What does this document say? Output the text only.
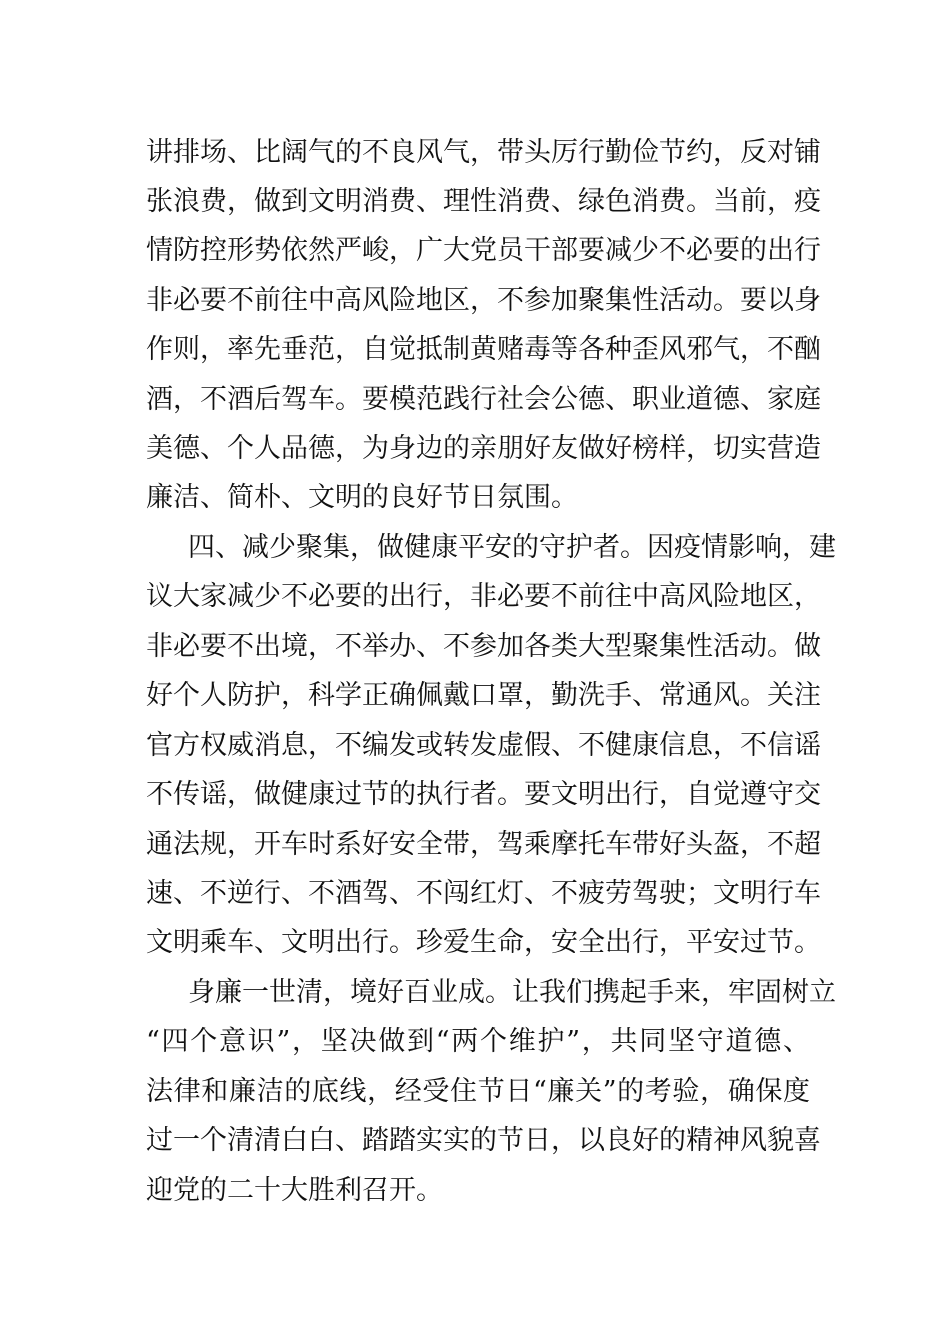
讲排场、比阔气的不良风气，带头厉行勤俭节约，反对铺
张浪费，做到文明消费、理性消费、绿色消费。当前，疫
情防控形势依然严峻，广大党员干部要减少不必要的出行
非必要不前往中高风险地区，不参加聚集性活动。要以身
作则，率先垂范，自觉抵制黄赌毒等各种歪风邪气，不酗
酒，不酒后驾车。要模范践行社会公德、职业道德、家庭
美德、个人品德，为身边的亲朋好友做好榜样，切实营造
廉洁、简朴、文明的良好节日氛围。
四、减少聚集，做健康平安的守护者。因疫情影响，建
议大家减少不必要的出行，非必要不前往中高风险地区，
非必要不出境，不举办、不参加各类大型聚集性活动。做
好个人防护，科学正确佩戴口罩，勤洗手、常通风。关注
官方权威消息，不编发或转发虚假、不健康信息，不信谣
不传谣，做健康过节的执行者。要文明出行，自觉遵守交
通法规，开车时系好安全带，驾乘摩托车带好头盔，不超
速、不逆行、不酒驾、不闯红灯、不疲劳驾驶；文明行车
文明乘车、文明出行。珍爱生命，安全出行，平安过节。
身廉一世清，境好百业成。让我们携起手来，牢固树立
“四个意识”，坚决做到“两个维护”，共同坚守道德、
法律和廉洁的底线，经受住节日“廉关”的考验，确保度
过一个清清白白、踏踏实实的节日，以良好的精神风貌喜
迎党的二十大胜利召开。
